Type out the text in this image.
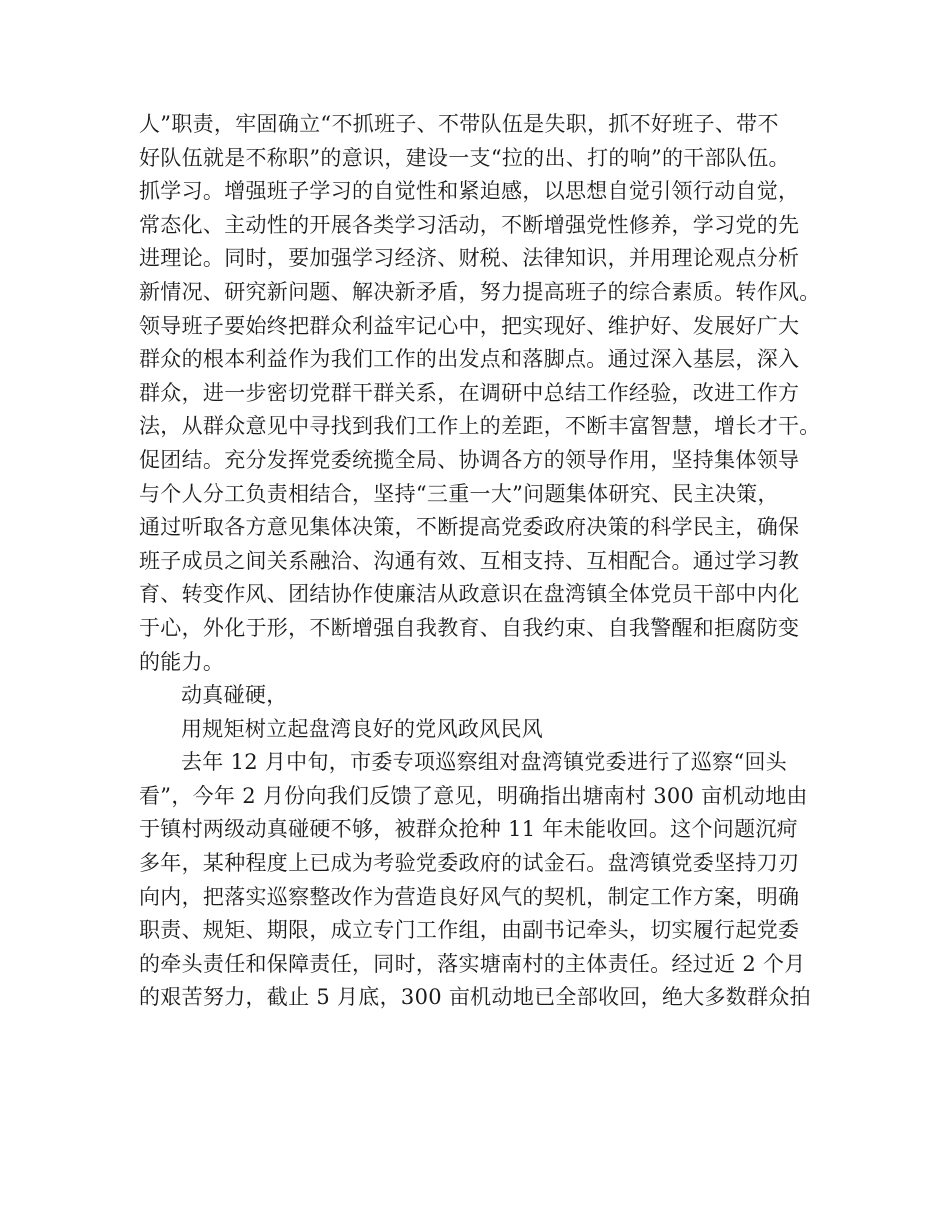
人”职责，牢固确立“不抓班子、不带队伍是失职，抓不好班子、带不
好队伍就是不称职”的意识，建设一支“拉的出、打的响”的干部队伍。
抓学习。增强班子学习的自觉性和紧迫感，以思想自觉引领行动自觉，
常态化、主动性的开展各类学习活动，不断增强党性修养，学习党的先
进理论。同时，要加强学习经济、财税、法律知识，并用理论观点分析
新情况、研究新问题、解决新矛盾，努力提高班子的综合素质。转作风。
领导班子要始终把群众利益牢记心中，把实现好、维护好、发展好广大
群众的根本利益作为我们工作的出发点和落脚点。通过深入基层，深入
群众，进一步密切党群干群关系，在调研中总结工作经验，改进工作方
法，从群众意见中寻找到我们工作上的差距，不断丰富智慧，增长才干。
促团结。充分发挥党委统揽全局、协调各方的领导作用，坚持集体领导
与个人分工负责相结合，坚持“三重一大”问题集体研究、民主决策，
通过听取各方意见集体决策，不断提高党委政府决策的科学民主，确保
班子成员之间关系融洽、沟通有效、互相支持、互相配合。通过学习教
育、转变作风、团结协作使廉洁从政意识在盘湾镇全体党员干部中内化
于心，外化于形，不断增强自我教育、自我约束、自我警醒和拒腐防变
的能力。
动真碰硬，
用规矩树立起盘湾良好的党风政风民风
去年 12 月中旬，市委专项巡察组对盘湾镇党委进行了巡察“回头
看”，今年 2 月份向我们反馈了意见，明确指出塘南村 300 亩机动地由
于镇村两级动真碰硬不够，被群众抢种 11 年未能收回。这个问题沉疴
多年，某种程度上已成为考验党委政府的试金石。盘湾镇党委坚持刀刃
向内，把落实巡察整改作为营造良好风气的契机，制定工作方案，明确
职责、规矩、期限，成立专门工作组，由副书记牵头，切实履行起党委
的牵头责任和保障责任，同时，落实塘南村的主体责任。经过近 2 个月
的艰苦努力，截止 5 月底，300 亩机动地已全部收回，绝大多数群众拍
